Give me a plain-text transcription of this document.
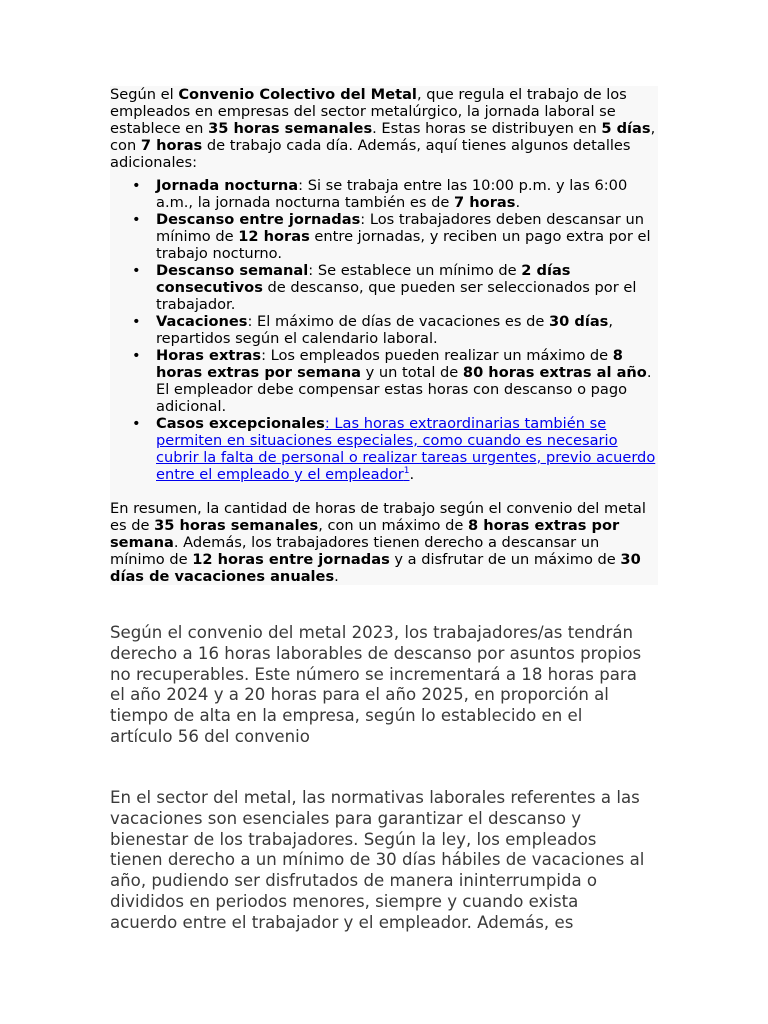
Según el Convenio Colectivo del Metal, que regula el trabajo de los empleados en empresas del sector metalúrgico, la jornada laboral se establece en 35 horas semanales. Estas horas se distribuyen en 5 días, con 7 horas de trabajo cada día. Además, aquí tienes algunos detalles adicionales:

• Jornada nocturna: Si se trabaja entre las 10:00 p.m. y las 6:00 a.m., la jornada nocturna también es de 7 horas.
• Descanso entre jornadas: Los trabajadores deben descansar un mínimo de 12 horas entre jornadas, y reciben un pago extra por el trabajo nocturno.
• Descanso semanal: Se establece un mínimo de 2 días consecutivos de descanso, que pueden ser seleccionados por el trabajador.
• Vacaciones: El máximo de días de vacaciones es de 30 días, repartidos según el calendario laboral.
• Horas extras: Los empleados pueden realizar un máximo de 8 horas extras por semana y un total de 80 horas extras al año. El empleador debe compensar estas horas con descanso o pago adicional.
• Casos excepcionales: Las horas extraordinarias también se permiten en situaciones especiales, como cuando es necesario cubrir la falta de personal o realizar tareas urgentes, previo acuerdo entre el empleado y el empleador$^1$.

En resumen, la cantidad de horas de trabajo según el convenio del metal es de 35 horas semanales, con un máximo de 8 horas extras por semana. Además, los trabajadores tienen derecho a descansar un mínimo de 12 horas entre jornadas y a disfrutar de un máximo de 30 días de vacaciones anuales.

Según el convenio del metal 2023, los trabajadores/as tendrán derecho a 16 horas laborables de descanso por asuntos propios no recuperables. Este número se incrementará a 18 horas para el año 2024 y a 20 horas para el año 2025, en proporción al tiempo de alta en la empresa, según lo establecido en el artículo 56 del convenio

En el sector del metal, las normativas laborales referentes a las vacaciones son esenciales para garantizar el descanso y bienestar de los trabajadores. Según la ley, los empleados tienen derecho a un mínimo de 30 días hábiles de vacaciones al año, pudiendo ser disfrutados de manera ininterrumpida o divididos en periodos menores, siempre y cuando exista acuerdo entre el trabajador y el empleador. Además, es
